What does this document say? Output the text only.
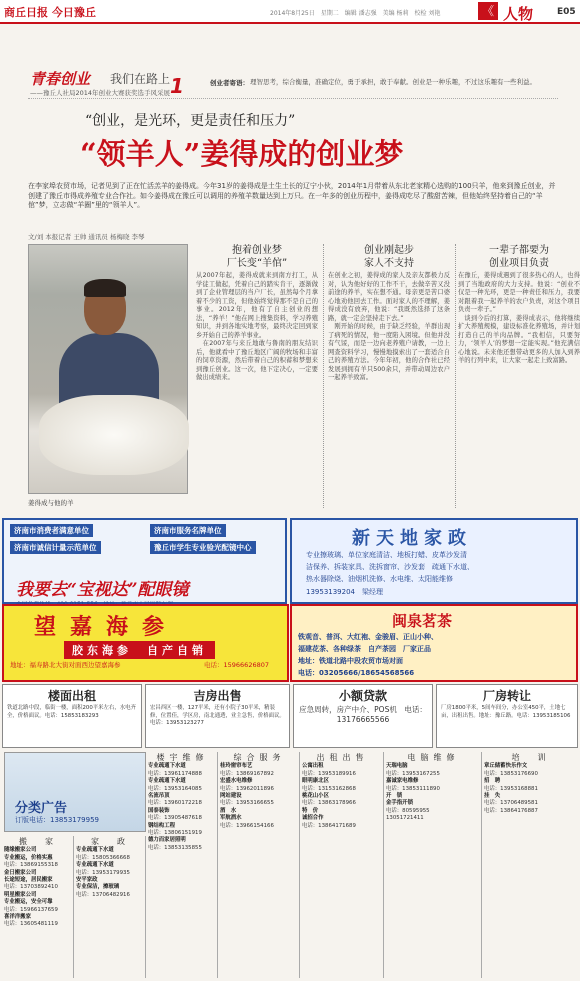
商丘日报 今日豫丘	2014年8月25日　星期二　编辑 潘志强　美编 杨莉　校检 刘艳	《 人物	E05
青春创业 我们在路上 1
——豫丘人社局2014年创业大赛获奖选手风采展
创业者寄语： 理智思考，综合衡量，准确定位，勇于承担，敢于奉献。创业是一种乐趣，不过这乐趣有一些利益。
“创业，是光环，更是责任和压力”
“领羊人”姜得成的创业梦
在李家埠农贸市场，记者见到了正在忙活羔羊的姜得成。今年31岁的姜得成是土生土长的辽宁小伙，2014年1月带着从东北老家精心选购的100只羊，他来到豫丘创业，并创建了豫丘市得成养殖专业合作社。如今姜得成在豫丘可以调用的养殖羊数量达到上万只。在一年多的创业历程中，姜得成吃尽了酸甜苦辣，但他始终坚持着自己的“羊倌”梦，立志做“羊圈”里的“领羊人”。
文/刘 本报记者 王帅 通讯员 杨梅晓 李琴
姜得成与他的羊
抱着创业梦
厂长变“羊倌”
从2007年起，姜得成就来到南方打工，从学徒工做起，凭着自己的踏实肯干，逐渐做到了企业管理层的当户厂长，虽然每个月拿着不少的工资，但他始终觉得那不是自己的事业。2012年，他有了自主创业的想法，“养羊！”他在网上搜集资料，学习养殖知识，并到各地实地考察，最终决定回到家乡开始自己的养羊事业。
　在2007年与来丘地敢与鲁南的朋友结识后，他就看中了豫丘地区广阔的牧场和丰富的饲草资源，然后带着自己的积蓄和梦想来到豫丘创业。这一次，他下定决心，一定要做出成绩来。
创业刚起步
家人不支持
在创业之初，姜得成的家人及亲友都极力反对，认为他好好的工作不干，去做辛苦又没前途的养羊，实在想不通。母亲更是苦口婆心地劝他回去工作。面对家人的不理解，姜得成没有放弃，他说：“我既然选择了这条路，就一定会坚持走下去。”
　刚开始的时候，由于缺乏经验，羊群出现了病死的情况，他一度陷入困境。但他并没有气馁，而是一边向老养殖户请教，一边上网查资料学习，慢慢地摸索出了一套适合自己的养殖方法。今年年初，他的合作社已经发展到拥有羊只500余只，并带动周边农户一起养羊致富。
一辈子都要为
创业项目负责
在豫丘，姜得成遇到了很多热心的人，也得到了当地政府的大力支持。他说：“创业不仅是一种光环，更是一种责任和压力，我要对跟着我一起养羊的农户负责，对这个项目负责一辈子。”
　谈到今后的打算，姜得成表示，他将继续扩大养殖规模，建设标准化养殖场，并计划打造自己的羊肉品牌。“我相信，只要努力，‘领羊人’的梦想一定能实现。”他充满信心地说。未来他还想带动更多的人加入到养羊的行列中来，让大家一起走上致富路。
济南市消费者满意单位	济南市服务名牌单位
济南市诚信计量示范单位	豫丘市学生专业验光配镜中心
我要去“宝视达”配眼镜
新天地家政
专业擦玻璃、单位家庭清洁、地板打蜡、皮革沙发清
洁保养、拆装家具、洗拆窗帘、沙发套　疏通下水道、
热水器除烧、油烟机洗修、水电维、太阳能维修
13953139204　梁经理
望嘉海参
胶东海参　自产自销
地址：福寿路北大街对面西边望嘉海参	电话：15966626807
闽泉茗茶
铁观音、普洱、大红袍、金骏眉、正山小种、
福建花茶、各种绿茶　自产茶园　厂家正品
地址：铁道北路中段农贸市场对面
电话：03205666/18654568566
楼面出租
铁道北路中段，临街一楼，面积200平米左右，水电齐全，价格面议。电话：15853183293
吉房出售
宏昌西区一楼，127平米，还有小院子30平米，精装修，位置佳，学区房，南北通透，业主急售，价格面议。电话：13953123277
小额贷款
应急周转，房产中介、POS机　电话：13176665566
厂房转让
厂房1800平米，5间车间分，办公室450平，土地七亩，出租出售。地址：豫丘路。电话：13953185106
分类广告
订版电话：13853179959
搬　家
随缘搬家公司
专业搬运，价格实惠
电话：13869155318
金日搬家公司
长途短途，居民搬家
电话：13703892410
明星搬家公司
专业搬运，安全可靠
电话：15966137659
喜洋洋搬家
电话：13605481119
家　政
专业疏通下水道
电话：15805366668
专业疏通下水道
电话：13953179935
安平家政
专业保洁，擦玻璃
电话：13706482916
楼宇维修
专业疏通下水道
电话：13961174888
专业疏通下水道
电话：13953164085
名流吊顶
电话：13960172218
国泰装饰
电话：13905487618
钢结构工程
电话：13806151919
德力而家居照明
电话：13853135855
综合服务
桂玲窗帘布艺
电话：13869167892
宏盛水电维修
电话：13962011896
网站建设
电话：13953166655
酒　水
军航酒水
电话：13966154166
出租出售
公寓出租
电话：13953189916
眼明康北区
电话：13153162868
桃花山小区
电话：13863178966
特　价
诚招合作
电话：13864171689
电脑维修
天瑞电脑
电话：13953167255
嘉诚家电维修
电话：13853111890
开　锁
金手指开锁
电话：80595955
13051721411
培　训
章丘储蓄快乐作文
电话：13853176690
招　聘
电话：13953168881
挂　失
电话：13706489581
电话：13864176887
